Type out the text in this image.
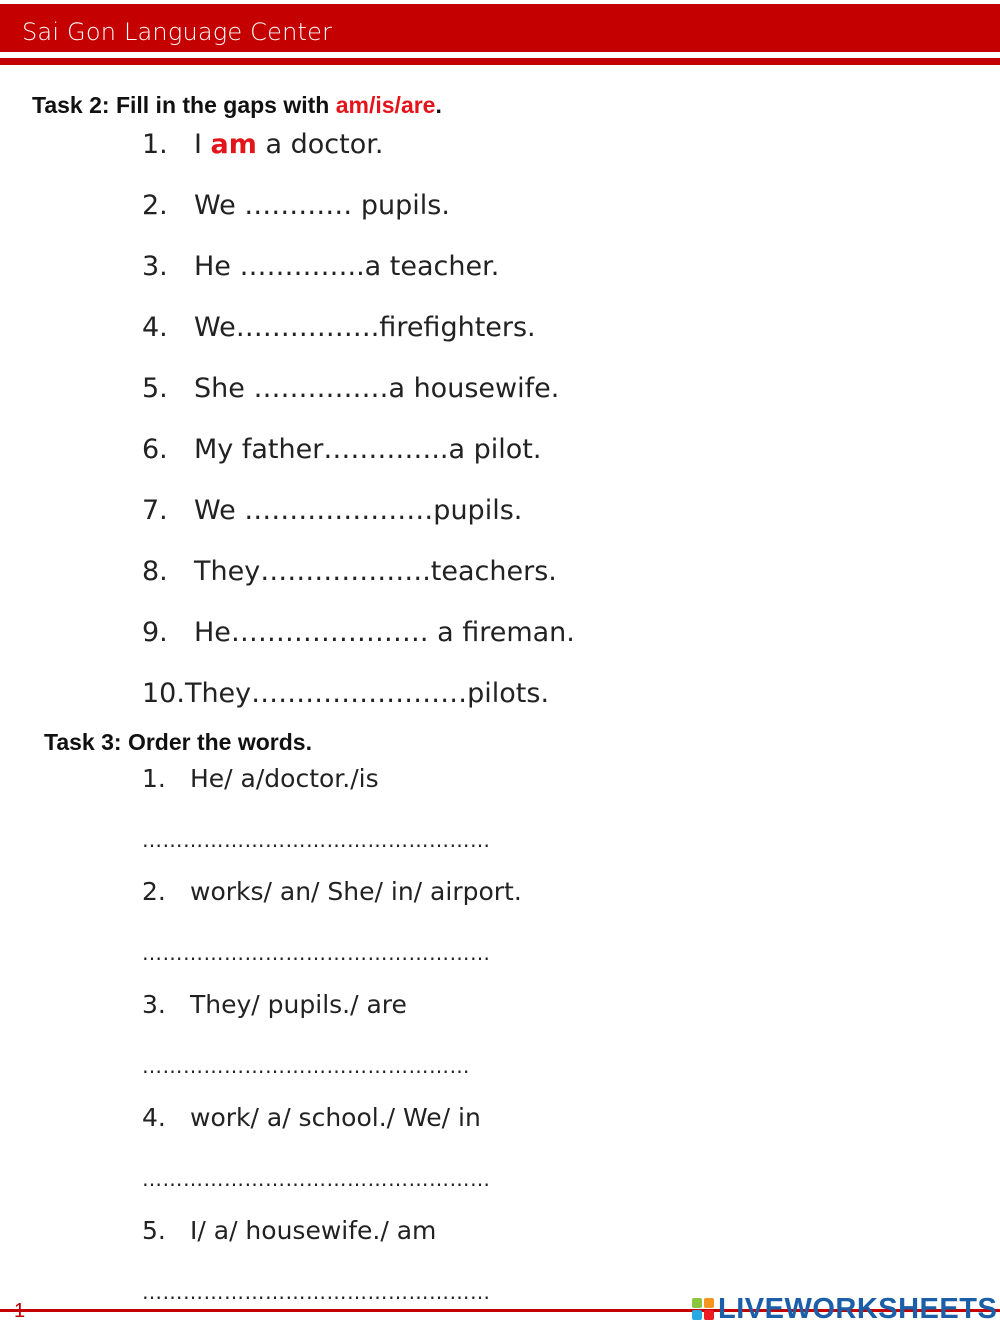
Sai Gon Language Center
Task 2: Fill in the gaps with am/is/are.
1. I am a doctor.
2. We ………… pupils.
3. He …………..a teacher.
4. We…………….firefighters.
5. She ……………a housewife.
6. My father…………..a pilot.
7. We …………………pupils.
8. They……………….teachers.
9. He…………………. a fireman.
10.They……………………pilots.
Task 3: Order the words.
1. He/ a/doctor./is
……………………………………………
2. works/ an/ She/ in/ airport.
……………………………………………
3. They/ pupils./ are
…………………………………………
4. work/ a/ school./ We/ in
……………………………………………
5. I/ a/ housewife./ am
……………………………………………
1	LIVEWORKSHEETS
